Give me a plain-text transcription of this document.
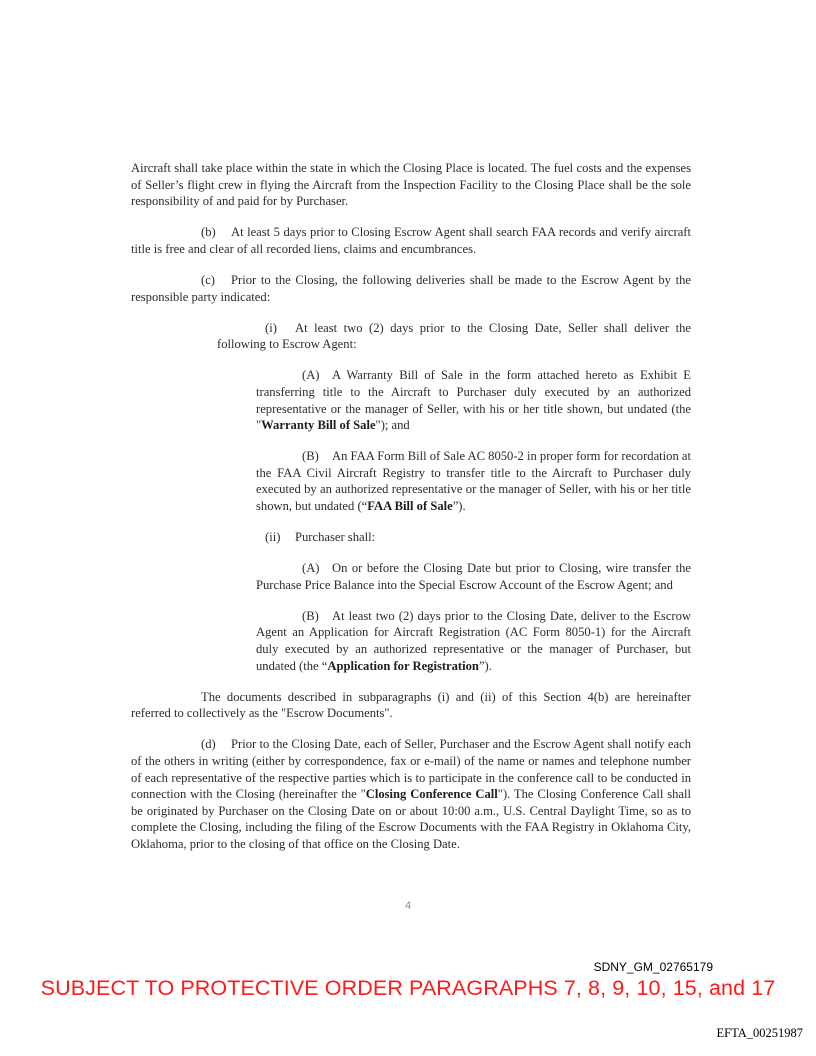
Aircraft shall take place within the state in which the Closing Place is located. The fuel costs and the expenses of Seller’s flight crew in flying the Aircraft from the Inspection Facility to the Closing Place shall be the sole responsibility of and paid for by Purchaser.

(b) At least 5 days prior to Closing Escrow Agent shall search FAA records and verify aircraft title is free and clear of all recorded liens, claims and encumbrances.

(c) Prior to the Closing, the following deliveries shall be made to the Escrow Agent by the responsible party indicated:

(i) At least two (2) days prior to the Closing Date, Seller shall deliver the following to Escrow Agent:

(A) A Warranty Bill of Sale in the form attached hereto as Exhibit E transferring title to the Aircraft to Purchaser duly executed by an authorized representative or the manager of Seller, with his or her title shown, but undated (the "Warranty Bill of Sale"); and

(B) An FAA Form Bill of Sale AC 8050-2 in proper form for recordation at the FAA Civil Aircraft Registry to transfer title to the Aircraft to Purchaser duly executed by an authorized representative or the manager of Seller, with his or her title shown, but undated (“FAA Bill of Sale”).

(ii) Purchaser shall:

(A) On or before the Closing Date but prior to Closing, wire transfer the Purchase Price Balance into the Special Escrow Account of the Escrow Agent; and

(B) At least two (2) days prior to the Closing Date, deliver to the Escrow Agent an Application for Aircraft Registration (AC Form 8050-1) for the Aircraft duly executed by an authorized representative or the manager of Purchaser, but undated (the “Application for Registration”).

The documents described in subparagraphs (i) and (ii) of this Section 4(b) are hereinafter referred to collectively as the "Escrow Documents".

(d) Prior to the Closing Date, each of Seller, Purchaser and the Escrow Agent shall notify each of the others in writing (either by correspondence, fax or e-mail) of the name or names and telephone number of each representative of the respective parties which is to participate in the conference call to be conducted in connection with the Closing (hereinafter the "Closing Conference Call"). The Closing Conference Call shall be originated by Purchaser on the Closing Date on or about 10:00 a.m., U.S. Central Daylight Time, so as to complete the Closing, including the filing of the Escrow Documents with the FAA Registry in Oklahoma City, Oklahoma, prior to the closing of that office on the Closing Date.

4
SDNY_GM_02765179
SUBJECT TO PROTECTIVE ORDER PARAGRAPHS 7, 8, 9, 10, 15, and 17
EFTA_00251987
